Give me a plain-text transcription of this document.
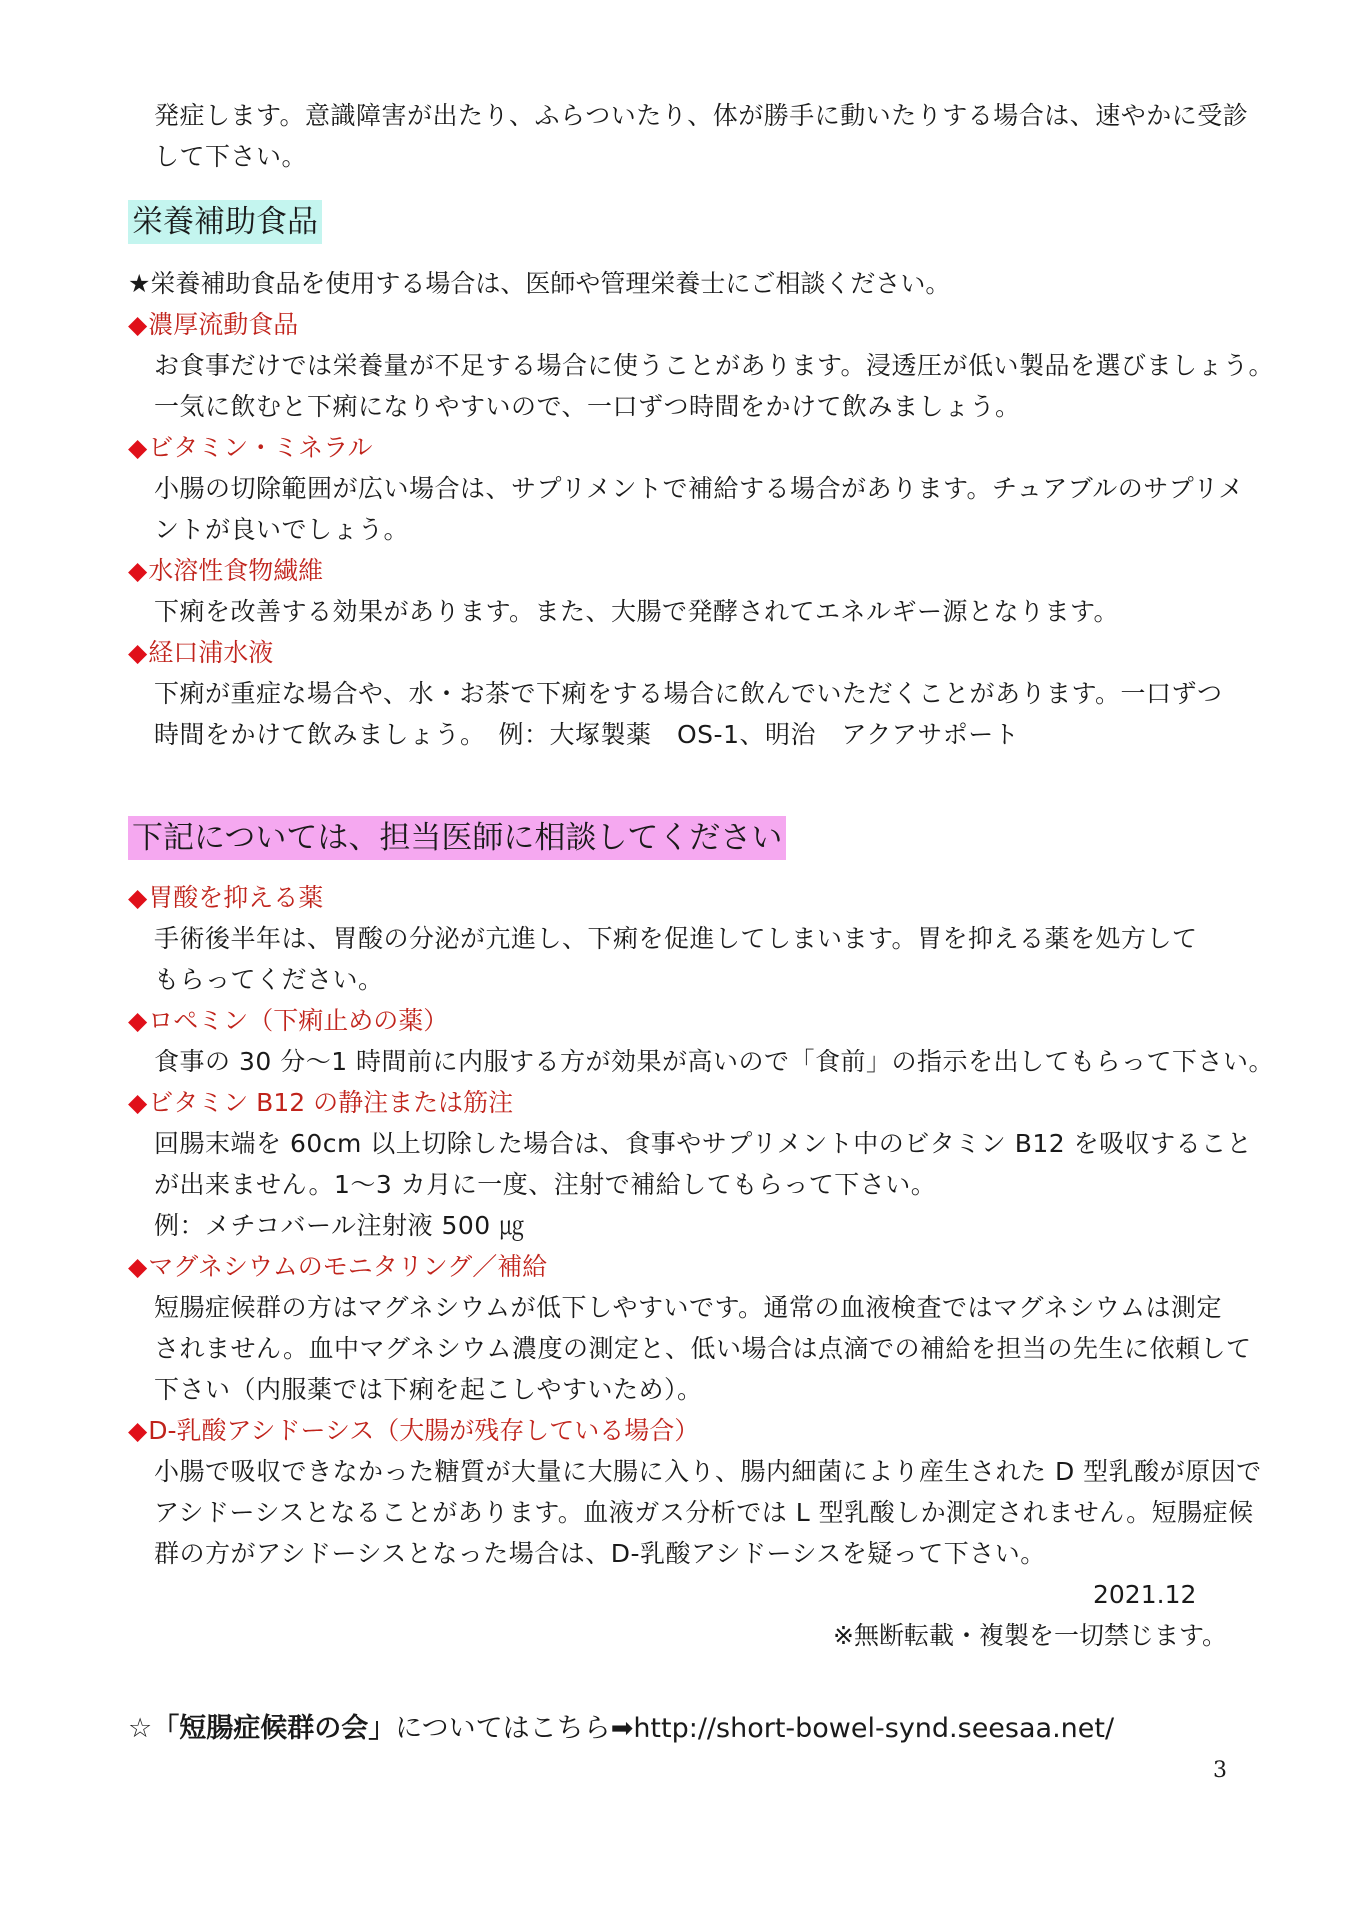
発症します。意識障害が出たり、ふらついたり、体が勝手に動いたりする場合は、速やかに受診
して下さい。
栄養補助食品
★栄養補助食品を使用する場合は、医師や管理栄養士にご相談ください。
◆濃厚流動食品
お食事だけでは栄養量が不足する場合に使うことがあります。浸透圧が低い製品を選びましょう。
一気に飲むと下痢になりやすいので、一口ずつ時間をかけて飲みましょう。
◆ビタミン・ミネラル
小腸の切除範囲が広い場合は、サプリメントで補給する場合があります。チュアブルのサプリメ
ントが良いでしょう。
◆水溶性食物繊維
下痢を改善する効果があります。また、大腸で発酵されてエネルギー源となります。
◆経口浦水液
下痢が重症な場合や、水・お茶で下痢をする場合に飲んでいただくことがあります。一口ずつ
時間をかけて飲みましょう。　例：大塚製薬　OS-1、明治　アクアサポート
下記については、担当医師に相談してください
◆胃酸を抑える薬
手術後半年は、胃酸の分泌が亢進し、下痢を促進してしまいます。胃を抑える薬を処方して
もらってください。
◆ロペミン（下痢止めの薬）
食事の 30 分～1 時間前に内服する方が効果が高いので「食前」の指示を出してもらって下さい。
◆ビタミン B12 の静注または筋注
回腸末端を 60cm 以上切除した場合は、食事やサプリメント中のビタミン B12 を吸収すること
が出来ません。1～3 カ月に一度、注射で補給してもらって下さい。
例：メチコバール注射液 500 ㎍
◆マグネシウムのモニタリング／補給
短腸症候群の方はマグネシウムが低下しやすいです。通常の血液検査ではマグネシウムは測定
されません。血中マグネシウム濃度の測定と、低い場合は点滴での補給を担当の先生に依頼して
下さい（内服薬では下痢を起こしやすいため）。
◆D-乳酸アシドーシス（大腸が残存している場合）
小腸で吸収できなかった糖質が大量に大腸に入り、腸内細菌により産生された D 型乳酸が原因で
アシドーシスとなることがあります。血液ガス分析では L 型乳酸しか測定されません。短腸症候
群の方がアシドーシスとなった場合は、D-乳酸アシドーシスを疑って下さい。
2021.12
※無断転載・複製を一切禁じます。
☆「短腸症候群の会」についてはこちら➡http://short-bowel-synd.seesaa.net/
3
